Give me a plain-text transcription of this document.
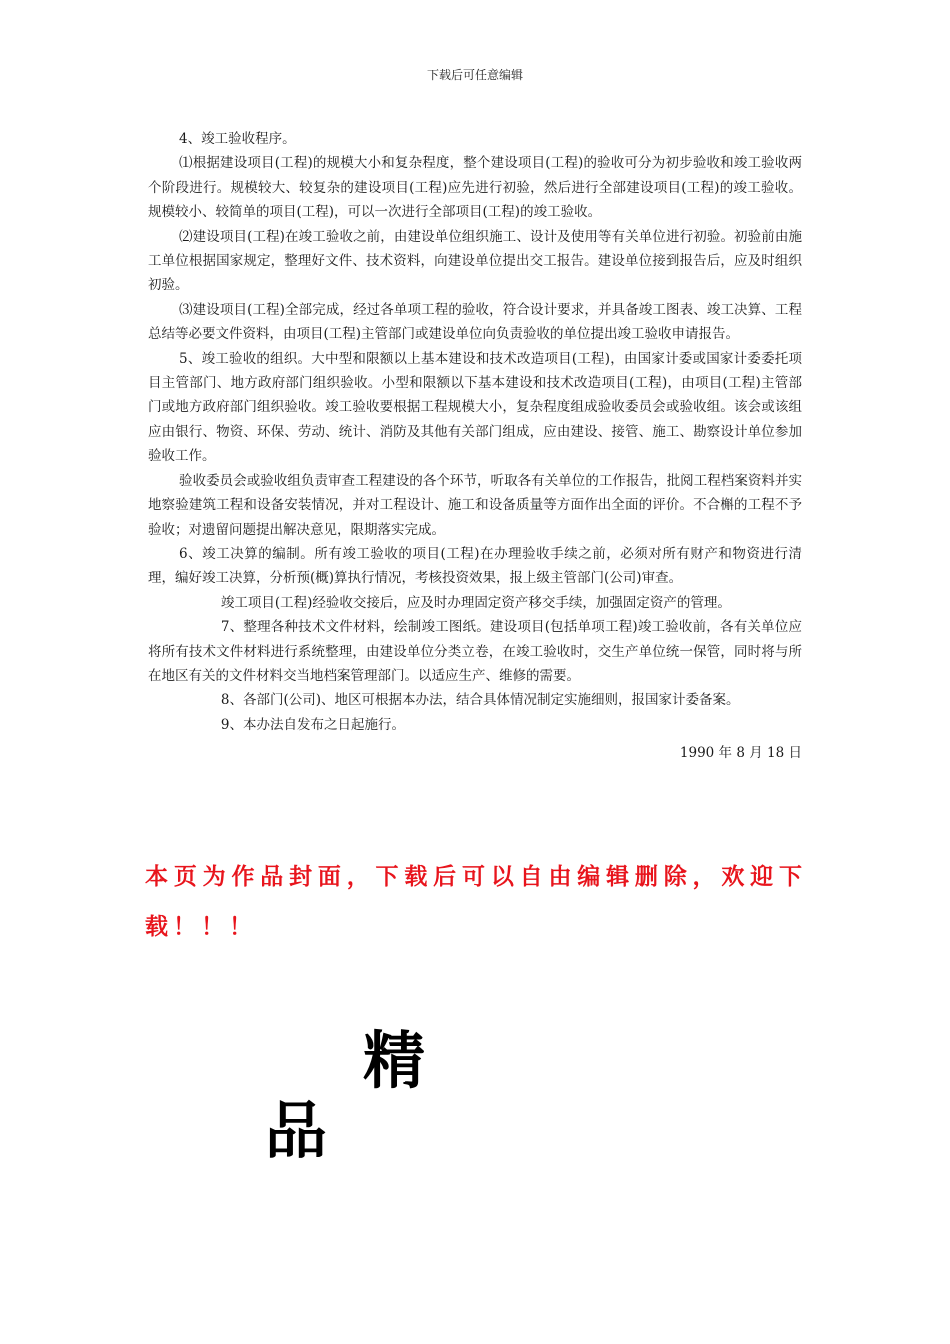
下载后可任意编辑

4、竣工验收程序。

⑴根据建设项目(工程)的规模大小和复杂程度，整个建设项目(工程)的验收可分为初步验收和竣工验收两个阶段进行。规模较大、较复杂的建设项目(工程)应先进行初验，然后进行全部建设项目(工程)的竣工验收。规模较小、较简单的项目(工程)，可以一次进行全部项目(工程)的竣工验收。

⑵建设项目(工程)在竣工验收之前，由建设单位组织施工、设计及使用等有关单位进行初验。初验前由施工单位根据国家规定，整理好文件、技术资料，向建设单位提出交工报告。建设单位接到报告后，应及时组织初验。

⑶建设项目(工程)全部完成，经过各单项工程的验收，符合设计要求，并具备竣工图表、竣工决算、工程总结等必要文件资料，由项目(工程)主管部门或建设单位向负责验收的单位提出竣工验收申请报告。

5、竣工验收的组织。大中型和限额以上基本建设和技术改造项目(工程)，由国家计委或国家计委委托项目主管部门、地方政府部门组织验收。小型和限额以下基本建设和技术改造项目(工程)，由项目(工程)主管部门或地方政府部门组织验收。竣工验收要根据工程规模大小，复杂程度组成验收委员会或验收组。该会或该组应由银行、物资、环保、劳动、统计、消防及其他有关部门组成，应由建设、接管、施工、勘察设计单位参加验收工作。

验收委员会或验收组负责审查工程建设的各个环节，听取各有关单位的工作报告，批阅工程档案资料并实地察验建筑工程和设备安装情况，并对工程设计、施工和设备质量等方面作出全面的评价。不合槲的工程不予验收；对遗留问题提出解决意见，限期落实完成。

6、竣工决算的编制。所有竣工验收的项目(工程)在办理验收手续之前，必须对所有财产和物资进行清理，编好竣工决算，分析预(概)算执行情况，考核投资效果，报上级主管部门(公司)审查。

竣工项目(工程)经验收交接后，应及时办理固定资产移交手续，加强固定资产的管理。

7、整理各种技术文件材料，绘制竣工图纸。建设项目(包括单项工程)竣工验收前，各有关单位应将所有技术文件材料进行系统整理，由建设单位分类立卷，在竣工验收时，交生产单位统一保管，同时将与所在地区有关的文件材料交当地档案管理部门。以适应生产、维修的需要。

8、各部门(公司)、地区可根据本办法，结合具体情况制定实施细则，报国家计委备案。

9、本办法自发布之日起施行。

1990 年 8 月 18 日

本页为作品封面，下载后可以自由编辑删除，欢迎下载！！！
精
品
